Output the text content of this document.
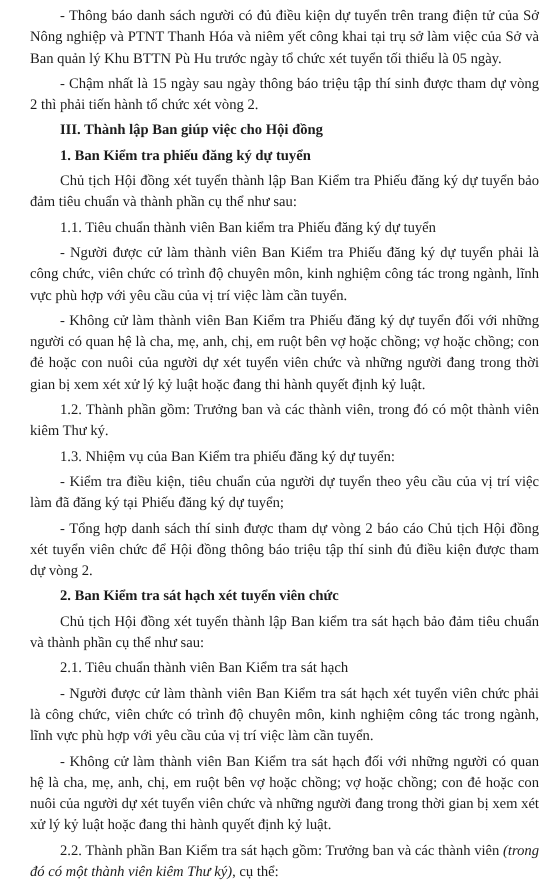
- Thông báo danh sách người có đủ điều kiện dự tuyển trên trang điện tử của Sở Nông nghiệp và PTNT Thanh Hóa và niêm yết công khai tại trụ sở làm việc của Sở và Ban quản lý Khu BTTN Pù Hu trước ngày tổ chức xét tuyển tối thiểu là 05 ngày.

- Chậm nhất là 15 ngày sau ngày thông báo triệu tập thí sinh được tham dự vòng 2 thì phải tiến hành tổ chức xét vòng 2.

III. Thành lập Ban giúp việc cho Hội đồng

1. Ban Kiểm tra phiếu đăng ký dự tuyển

Chủ tịch Hội đồng xét tuyển thành lập Ban Kiểm tra Phiếu đăng ký dự tuyển bảo đảm tiêu chuẩn và thành phần cụ thể như sau:

1.1. Tiêu chuẩn thành viên Ban kiểm tra Phiếu đăng ký dự tuyển

- Người được cử làm thành viên Ban Kiểm tra Phiếu đăng ký dự tuyển phải là công chức, viên chức có trình độ chuyên môn, kinh nghiệm công tác trong ngành, lĩnh vực phù hợp với yêu cầu của vị trí việc làm cần tuyển.

- Không cử làm thành viên Ban Kiểm tra Phiếu đăng ký dự tuyển đối với những người có quan hệ là cha, mẹ, anh, chị, em ruột bên vợ hoặc chồng; vợ hoặc chồng; con đẻ hoặc con nuôi của người dự xét tuyển viên chức và những người đang trong thời gian bị xem xét xử lý kỷ luật hoặc đang thi hành quyết định kỷ luật.

1.2. Thành phần gồm: Trưởng ban và các thành viên, trong đó có một thành viên kiêm Thư ký.

1.3. Nhiệm vụ của Ban Kiểm tra phiếu đăng ký dự tuyển:

- Kiểm tra điều kiện, tiêu chuẩn của người dự tuyển theo yêu cầu của vị trí việc làm đã đăng ký tại Phiếu đăng ký dự tuyển;

- Tổng hợp danh sách thí sinh được tham dự vòng 2 báo cáo Chủ tịch Hội đồng xét tuyển viên chức để Hội đồng thông báo triệu tập thí sinh đủ điều kiện được tham dự vòng 2.

2. Ban Kiểm tra sát hạch xét tuyển viên chức

Chủ tịch Hội đồng xét tuyển thành lập Ban kiểm tra sát hạch bảo đảm tiêu chuẩn và thành phần cụ thể như sau:

2.1. Tiêu chuẩn thành viên Ban Kiểm tra sát hạch

- Người được cử làm thành viên Ban Kiểm tra sát hạch xét tuyển viên chức phải là công chức, viên chức có trình độ chuyên môn, kinh nghiệm công tác trong ngành, lĩnh vực phù hợp với yêu cầu của vị trí việc làm cần tuyển.

- Không cử làm thành viên Ban Kiểm tra sát hạch đối với những người có quan hệ là cha, mẹ, anh, chị, em ruột bên vợ hoặc chồng; vợ hoặc chồng; con đẻ hoặc con nuôi của người dự xét tuyển viên chức và những người đang trong thời gian bị xem xét xử lý kỷ luật hoặc đang thi hành quyết định kỷ luật.

2.2. Thành phần Ban Kiểm tra sát hạch gồm: Trưởng ban và các thành viên (trong đó có một thành viên kiêm Thư ký), cụ thể:
